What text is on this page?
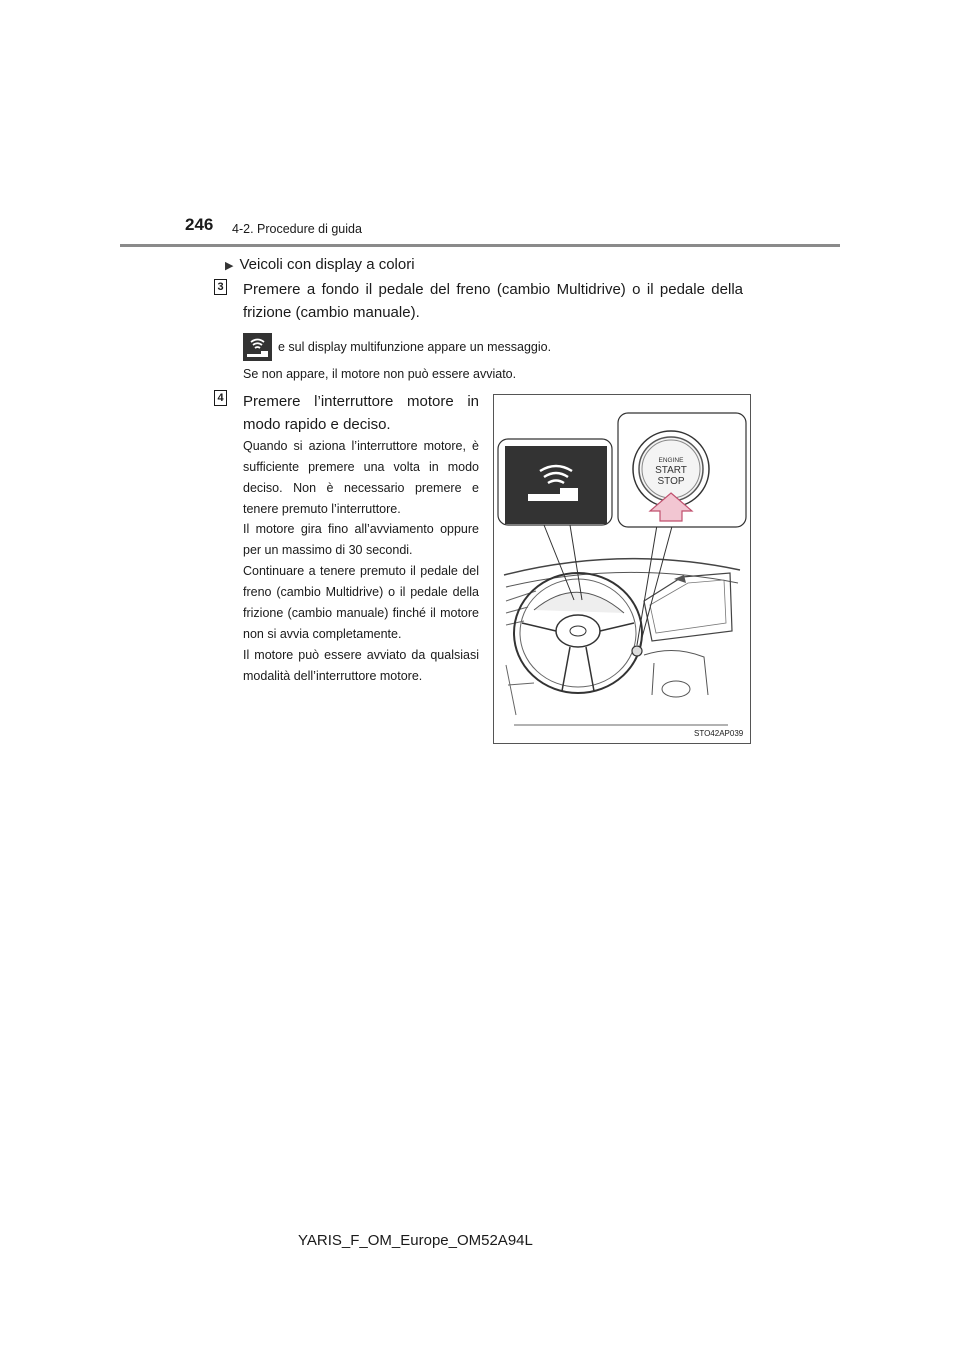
246 4-2. Procedure di guida
▶ Veicoli con display a colori
3 Premere a fondo il pedale del freno (cambio Multidrive) o il pedale della frizione (cambio manuale).
e sul display multifunzione appare un messaggio.
Se non appare, il motore non può essere avviato.
4 Premere l’interruttore motore in modo rapido e deciso.
Quando si aziona l’interruttore motore, è sufficiente premere una volta in modo deciso. Non è necessario premere e tenere premuto l’interruttore.
Il motore gira fino all’avviamento oppure per un massimo di 30 secondi.
Continuare a tenere premuto il pedale del freno (cambio Multidrive) o il pedale della frizione (cambio manuale) finché il motore non si avvia completamente.
Il motore può essere avviato da qualsiasi modalità dell’interruttore motore.
ENGINE
START
STOP
STO42AP039
YARIS_F_OM_Europe_OM52A94L
